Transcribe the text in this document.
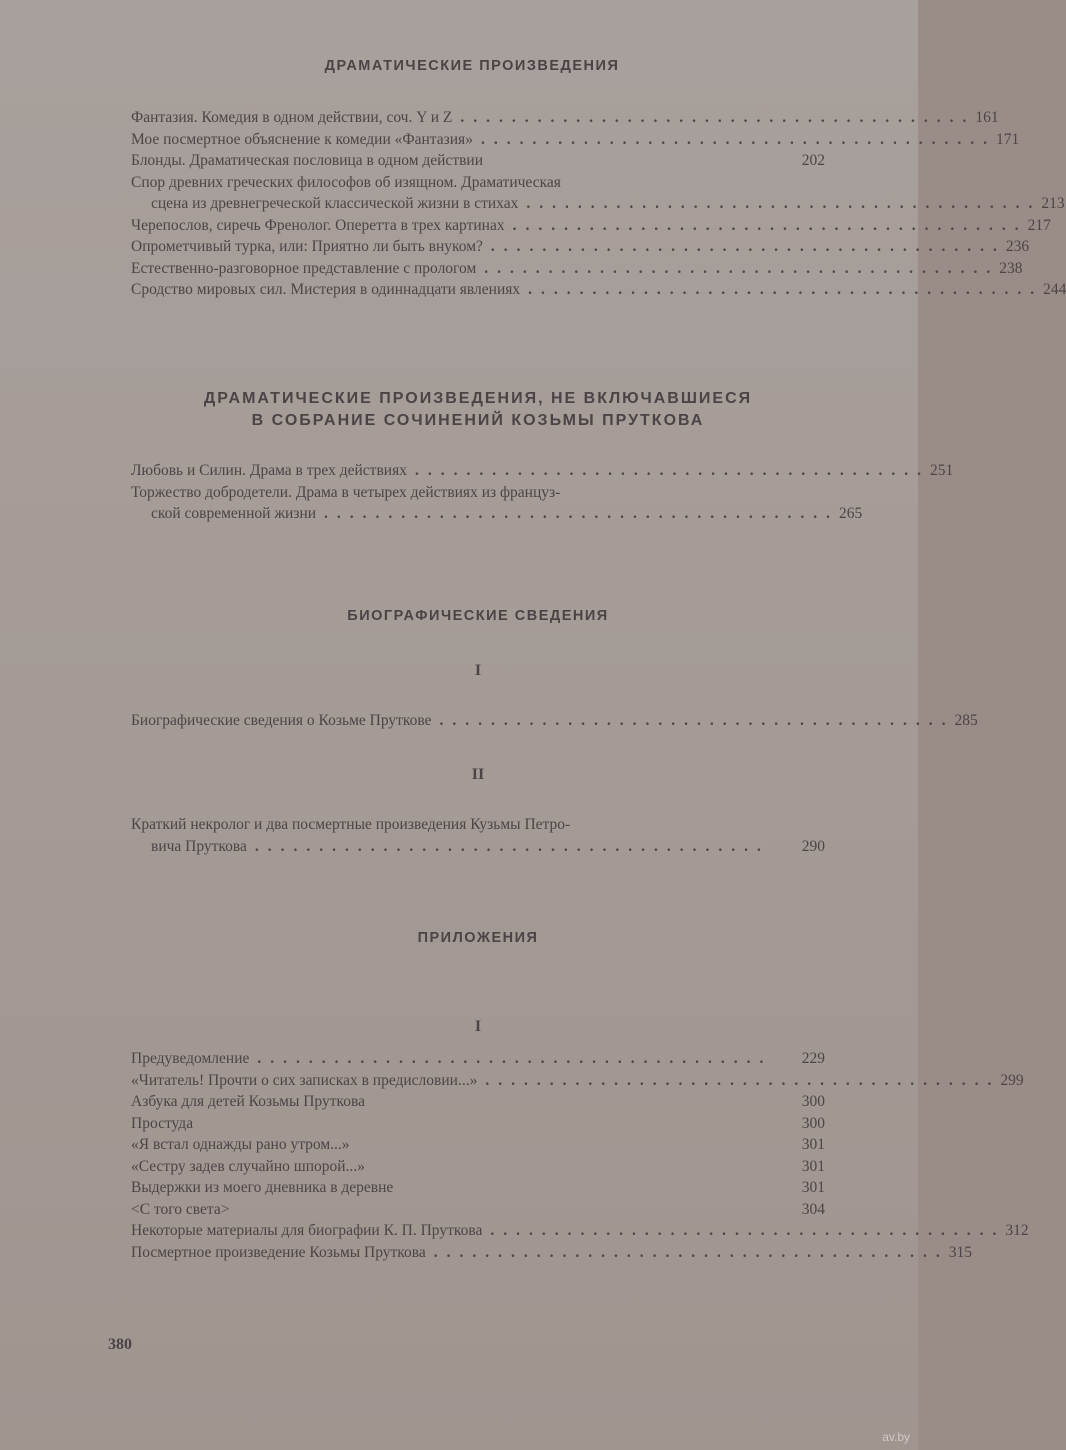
ДРАМАТИЧЕСКИЕ ПРОИЗВЕДЕНИЯ
Фантазия. Комедия в одном действии, соч. Y и Z ........................................ 161
Мое посмертное объяснение к комедии «Фантазия» ........................................ 171
Блонды. Драматическая пословица в одном действии	202
Спор древних греческих философов об изящном. Драматическая
сцена из древнегреческой классической жизни в стихах ........................................ 213
Черепослов, сиречь Френолог. Оперетта в трех картинах ........................................ 217
Опрометчивый турка, или: Приятно ли быть внуком? ........................................ 236
Естественно-разговорное представление с прологом ........................................ 238
Сродство мировых сил. Мистерия в одиннадцати явлениях ........................................ 244
ДРАМАТИЧЕСКИЕ ПРОИЗВЕДЕНИЯ, НЕ ВКЛЮЧАВШИЕСЯ
В СОБРАНИЕ СОЧИНЕНИЙ КОЗЬМЫ ПРУТКОВА
Любовь и Силин. Драма в трех действиях ........................................ 251
Торжество добродетели. Драма в четырех действиях из француз-
ской современной жизни ........................................ 265
БИОГРАФИЧЕСКИЕ СВЕДЕНИЯ
I
Биографические сведения о Козьме Пруткове ........................................ 285
II
Краткий некролог и два посмертные произведения Кузьмы Петро-
вича Пруткова ........................................	290
ПРИЛОЖЕНИЯ
I
Предуведомление ........................................	229
«Читатель! Прочти о сих записках в предисловии...» ........................................ 299
Азбука для детей Козьмы Пруткова	300
Простуда	300
«Я встал однажды рано утром...»	301
«Сестру задев случайно шпорой...»	301
Выдержки из моего дневника в деревне	301
<С того света>	304
Некоторые материалы для биографии К. П. Пруткова ........................................ 312
Посмертное произведение Козьмы Пруткова ........................................ 315
380
av.by
